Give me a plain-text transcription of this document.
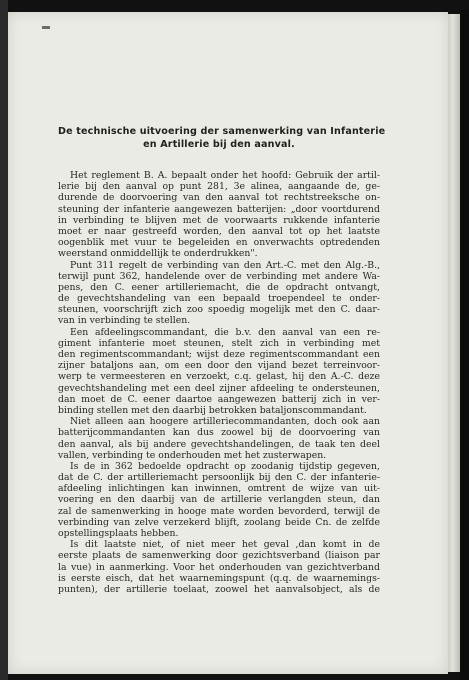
De technische uitvoering der samenwerking van Infanterie
en Artillerie bij den aanval.
Het reglement B. A. bepaalt onder het hoofd: Gebruik der artil-
lerie bij den aanval op punt 281, 3e alinea, aangaande de, ge-
durende de doorvoering van den aanval tot rechtstreeksche on-
steuning der infanterie aangewezen batterijen: „door voortdurend
in verbinding te blijven met de voorwaarts rukkende infanterie
moet er naar gestreefd worden, den aanval tot op het laatste
oogenblik met vuur te begeleiden en onverwachts optredenden
weerstand onmiddellijk te onderdrukken".
Punt 311 regelt de verbinding van den Art.-C. met den Alg.-B.,
terwijl punt 362, handelende over de verbinding met andere Wa-
pens, den C. eener artilleriemacht, die de opdracht ontvangt,
de gevechtshandeling van een bepaald troependeel te onder-
steunen, voorschrijft zich zoo spoedig mogelijk met den C. daar-
van in verbinding te stellen.
Een afdeelingscommandant, die b.v. den aanval van een re-
giment infanterie moet steunen, stelt zich in verbinding met
den regimentscommandant; wijst deze regimentscommandant een
zijner bataljons aan, om een door den vijand bezet terreinvoor-
werp te vermeesteren en verzoekt, c.q. gelast, hij den A.-C. deze
gevechtshandeling met een deel zijner afdeeling te ondersteunen,
dan moet de C. eener daartoe aangewezen batterij zich in ver-
binding stellen met den daarbij betrokken bataljonscommandant.
Niet alleen aan hoogere artilleriecommandanten, doch ook aan
batterijcommandanten kan dus zoowel bij de doorvoering van
den aanval, als bij andere gevechtshandelingen, de taak ten deel
vallen, verbinding te onderhouden met het zusterwapen.
Is de in 362 bedoelde opdracht op zoodanig tijdstip gegeven,
dat de C. der artilleriemacht persoonlijk bij den C. der infanterie-
afdeeling inlichtingen kan inwinnen, omtrent de wijze van uit-
voering en den daarbij van de artillerie verlangden steun, dan
zal de samenwerking in hooge mate worden bevorderd, terwijl de
verbinding van zelve verzekerd blijft, zoolang beide Cn. de zelfde
opstellingsplaats hebben.
Is dit laatste niet, of niet meer het geval ,dan komt in de
eerste plaats de samenwerking door gezichtsverband (liaison par
la vue) in aanmerking. Voor het onderhouden van gezichtverband
is eerste eisch, dat het waarnemingspunt (q.q. de waarnemings-
punten), der artillerie toelaat, zoowel het aanvalsobject, als de
